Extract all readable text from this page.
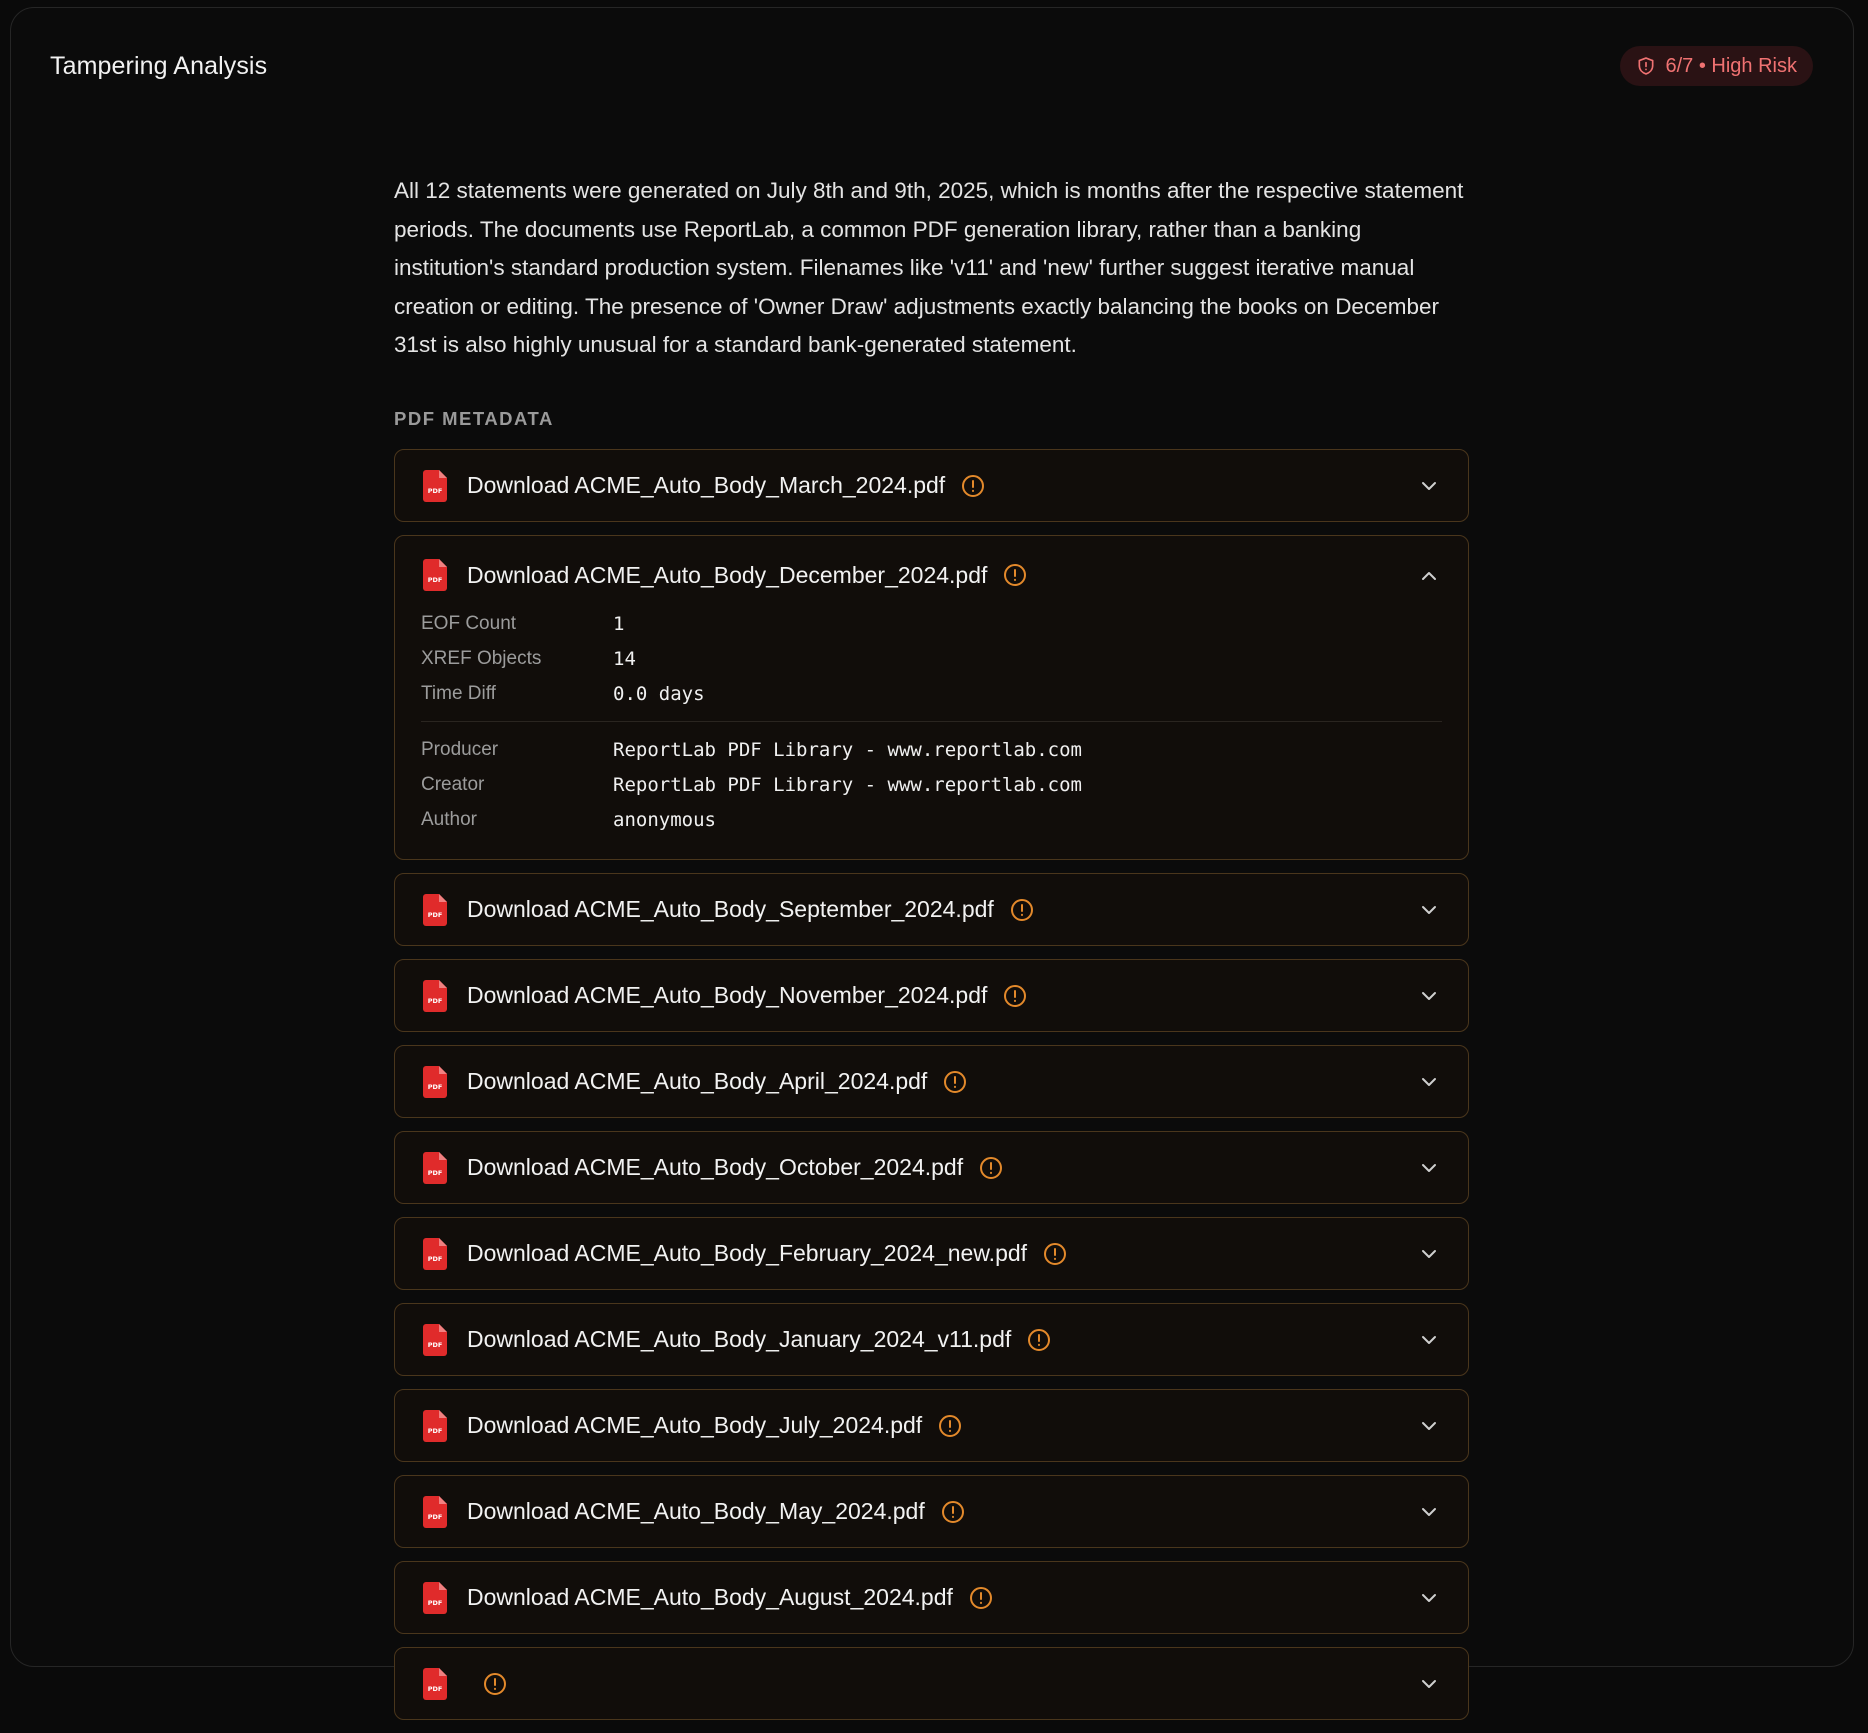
Tampering Analysis	6/7 • High Risk

All 12 statements were generated on July 8th and 9th, 2025, which is months after the respective statement periods. The documents use ReportLab, a common PDF generation library, rather than a banking institution's standard production system. Filenames like 'v11' and 'new' further suggest iterative manual creation or editing. The presence of 'Owner Draw' adjustments exactly balancing the books on December 31st is also highly unusual for a standard bank-generated statement.

PDF METADATA
PDF Download ACME_Auto_Body_March_2024.pdf
PDF Download ACME_Auto_Body_December_2024.pdf
EOF Count	1
XREF Objects	14
Time Diff	0.0 days
Producer	ReportLab PDF Library - www.reportlab.com
Creator	ReportLab PDF Library - www.reportlab.com
Author	anonymous
PDF Download ACME_Auto_Body_September_2024.pdf
PDF Download ACME_Auto_Body_November_2024.pdf
PDF Download ACME_Auto_Body_April_2024.pdf
PDF Download ACME_Auto_Body_October_2024.pdf
PDF Download ACME_Auto_Body_February_2024_new.pdf
PDF Download ACME_Auto_Body_January_2024_v11.pdf
PDF Download ACME_Auto_Body_July_2024.pdf
PDF Download ACME_Auto_Body_May_2024.pdf
PDF Download ACME_Auto_Body_August_2024.pdf
PDF
